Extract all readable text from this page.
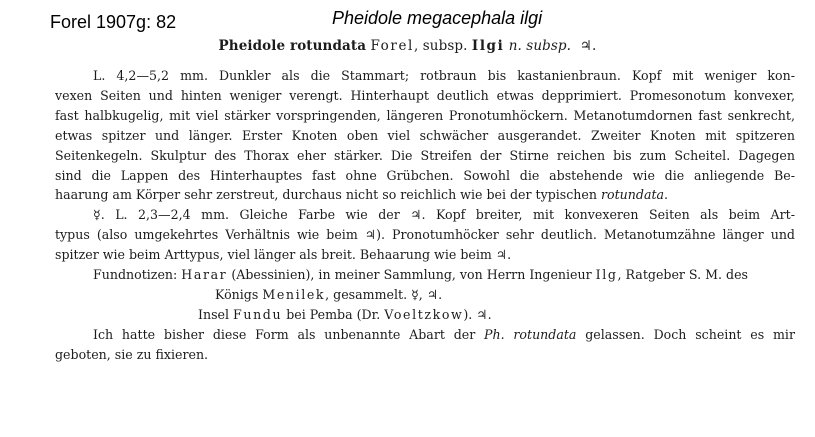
Forel 1907g: 82	Pheidole megacephala ilgi
Pheidole rotundata Forel, subsp. Ilgi n. subsp. ♃.
L. 4,2—5,2 mm. Dunkler als die Stammart; rotbraun bis kastanienbraun. Kopf mit weniger kon-
vexen Seiten und hinten weniger verengt. Hinterhaupt deutlich etwas depprimiert. Promesonotum konvexer,
fast halbkugelig, mit viel stärker vorspringenden, längeren Pronotumhöckern. Metanotumdornen fast senkrecht,
etwas spitzer und länger. Erster Knoten oben viel schwächer ausgerandet. Zweiter Knoten mit spitzeren
Seitenkegeln. Skulptur des Thorax eher stärker. Die Streifen der Stirne reichen bis zum Scheitel. Dagegen
sind die Lappen des Hinterhauptes fast ohne Grübchen. Sowohl die abstehende wie die anliegende Be-
haarung am Körper sehr zerstreut, durchaus nicht so reichlich wie bei der typischen rotundata.
☿. L. 2,3—2,4 mm. Gleiche Farbe wie der ♃. Kopf breiter, mit konvexeren Seiten als beim Art-
typus (also umgekehrtes Verhältnis wie beim ♃). Pronotumhöcker sehr deutlich. Metanotumzähne länger und
spitzer wie beim Arttypus, viel länger als breit. Behaarung wie beim ♃.
Fundnotizen: Harar (Abessinien), in meiner Sammlung, von Herrn Ingenieur Ilg, Ratgeber S. M. des
Königs Menilek, gesammelt. ☿, ♃.
Insel Fundu bei Pemba (Dr. Voeltzkow). ♃.
Ich hatte bisher diese Form als unbenannte Abart der Ph. rotundata gelassen. Doch scheint es mir
geboten, sie zu fixieren.
